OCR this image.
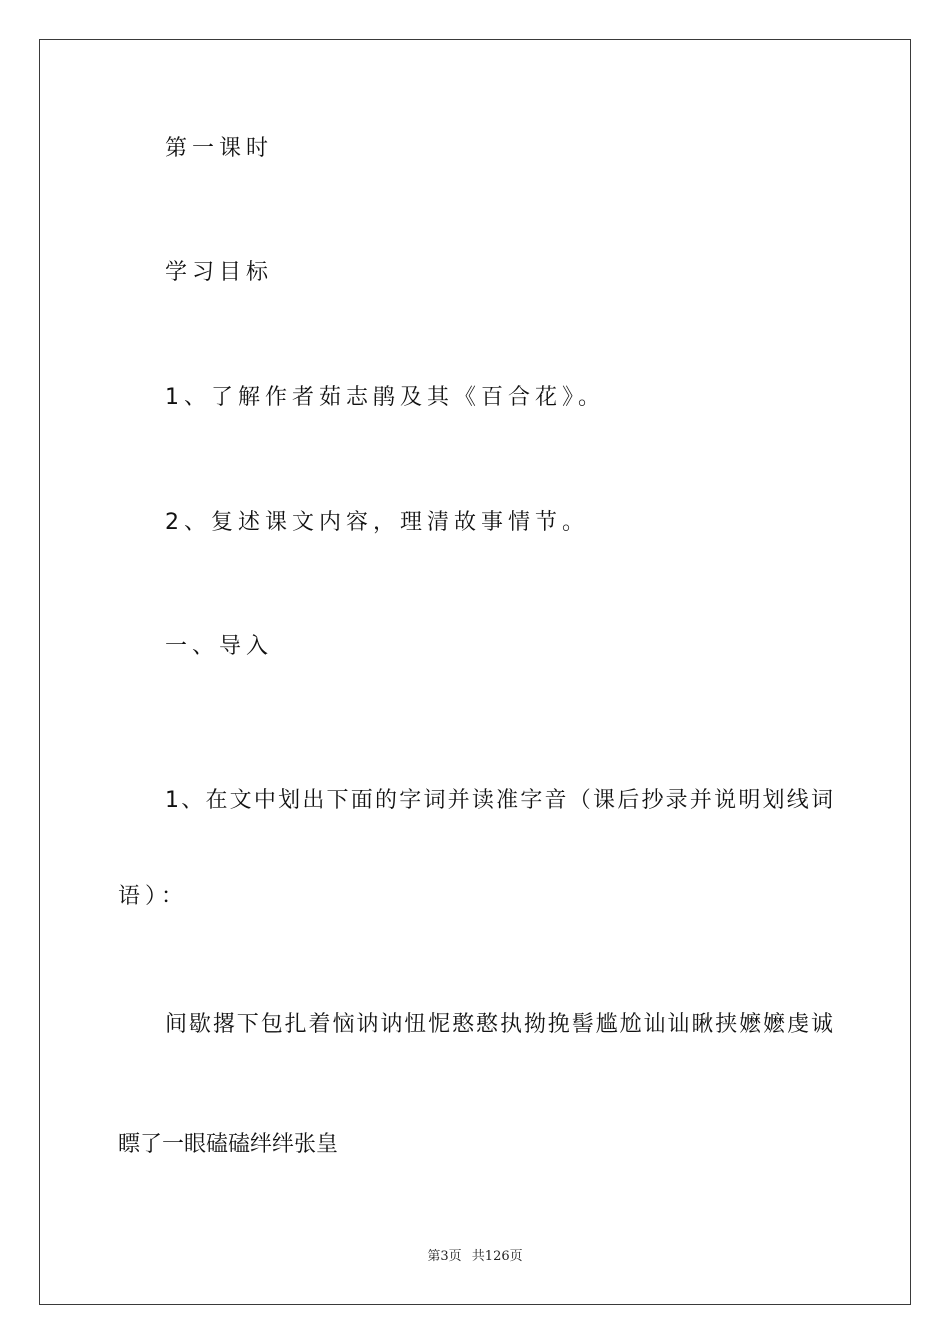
第一课时
学习目标
1、了解作者茹志鹃及其《百合花》。
2、复述课文内容，理清故事情节。
一、导入
1、在文中划出下面的字词并读准字音（课后抄录并说明划线词
语）：
间歇撂下包扎着恼讷讷忸怩憨憨执拗挽髻尴尬讪讪瞅挟嬷嬷虔诚
瞟了一眼磕磕绊绊张皇
第3页 共126页
